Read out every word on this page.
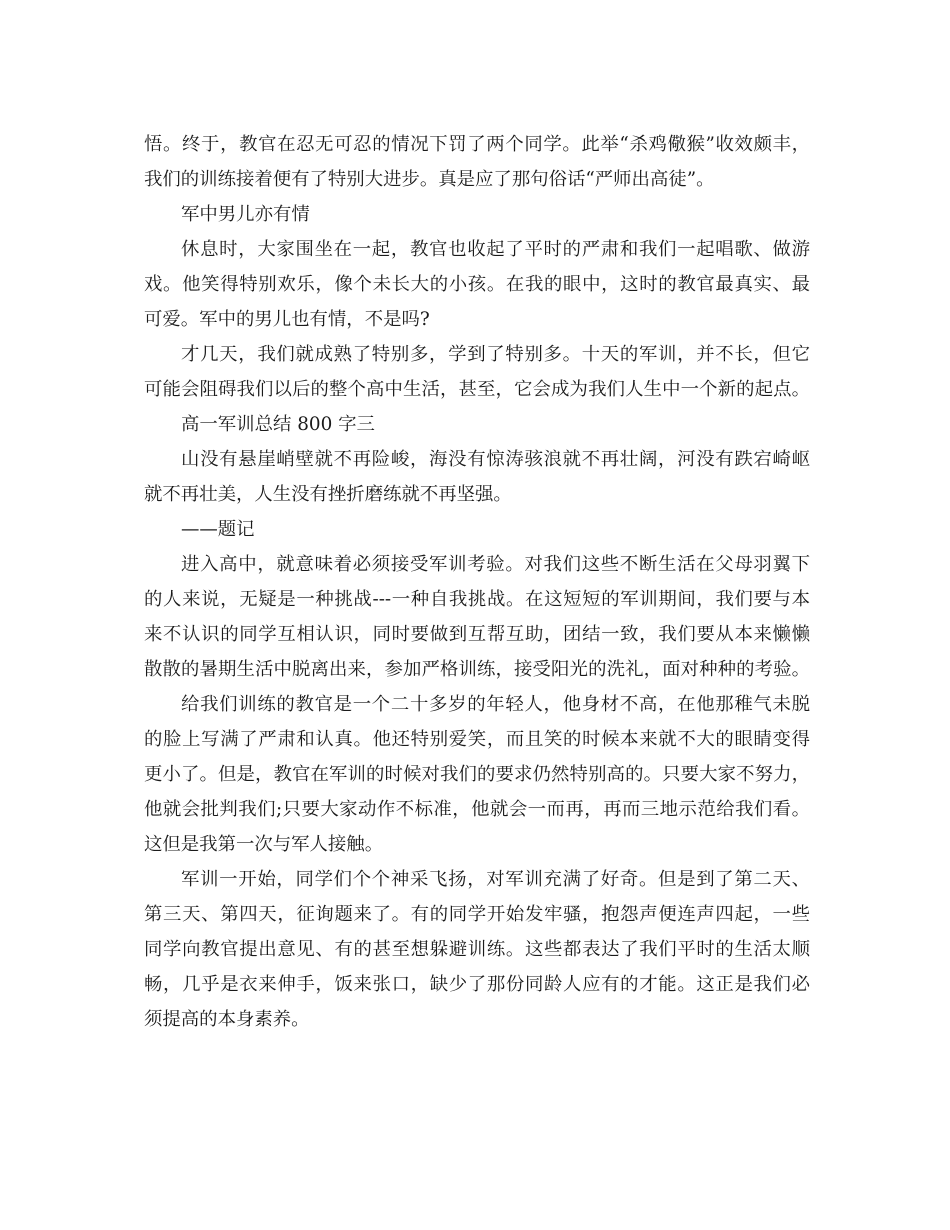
悟。终于，教官在忍无可忍的情况下罚了两个同学。此举“杀鸡儆猴”收效颇丰，
我们的训练接着便有了特别大进步。真是应了那句俗话“严师出高徒”。
军中男儿亦有情
休息时，大家围坐在一起，教官也收起了平时的严肃和我们一起唱歌、做游
戏。他笑得特别欢乐，像个未长大的小孩。在我的眼中，这时的教官最真实、最
可爱。军中的男儿也有情，不是吗?
才几天，我们就成熟了特别多，学到了特别多。十天的军训，并不长，但它
可能会阻碍我们以后的整个高中生活，甚至，它会成为我们人生中一个新的起点。
高一军训总结 800 字三
山没有悬崖峭壁就不再险峻，海没有惊涛骇浪就不再壮阔，河没有跌宕崎岖
就不再壮美，人生没有挫折磨练就不再坚强。
——题记
进入高中，就意味着必须接受军训考验。对我们这些不断生活在父母羽翼下
的人来说，无疑是一种挑战---一种自我挑战。在这短短的军训期间，我们要与本
来不认识的同学互相认识，同时要做到互帮互助，团结一致，我们要从本来懒懒
散散的暑期生活中脱离出来，参加严格训练，接受阳光的洗礼，面对种种的考验。
给我们训练的教官是一个二十多岁的年轻人，他身材不高，在他那稚气未脱
的脸上写满了严肃和认真。他还特别爱笑，而且笑的时候本来就不大的眼睛变得
更小了。但是，教官在军训的时候对我们的要求仍然特别高的。只要大家不努力，
他就会批判我们;只要大家动作不标准，他就会一而再，再而三地示范给我们看。
这但是我第一次与军人接触。
军训一开始，同学们个个神采飞扬，对军训充满了好奇。但是到了第二天、
第三天、第四天，征询题来了。有的同学开始发牢骚，抱怨声便连声四起，一些
同学向教官提出意见、有的甚至想躲避训练。这些都表达了我们平时的生活太顺
畅，几乎是衣来伸手，饭来张口，缺少了那份同龄人应有的才能。这正是我们必
须提高的本身素养。
